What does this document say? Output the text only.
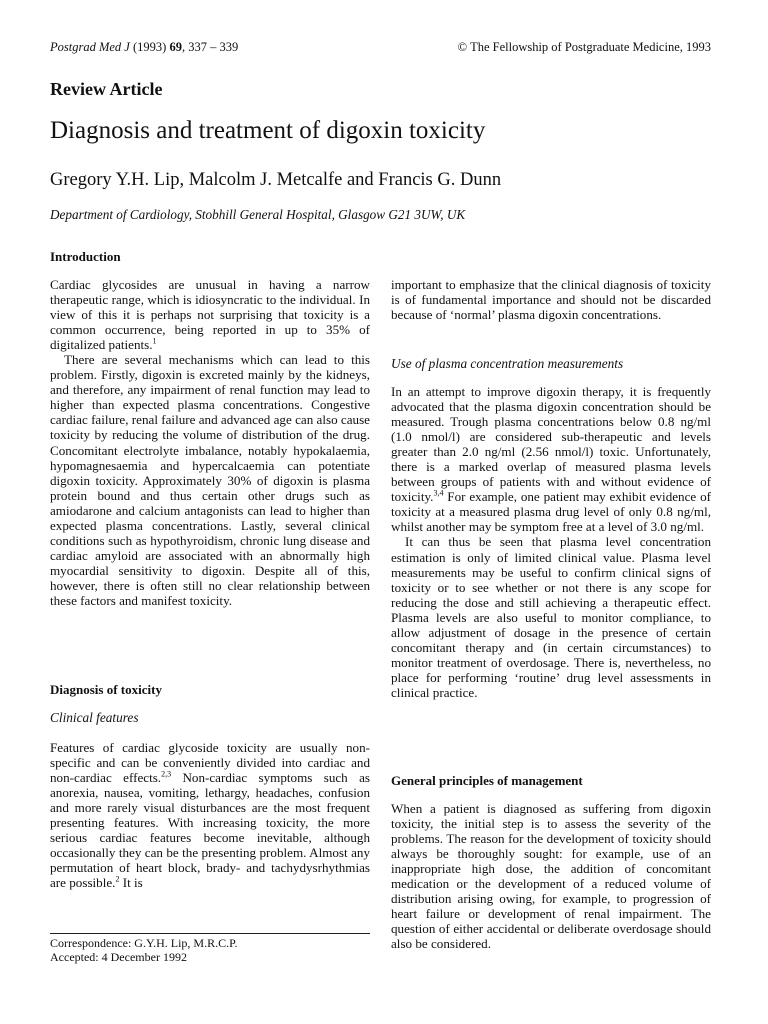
Postgrad Med J (1993) 69, 337 – 339	© The Fellowship of Postgraduate Medicine, 1993
Review Article
Diagnosis and treatment of digoxin toxicity
Gregory Y.H. Lip, Malcolm J. Metcalfe and Francis G. Dunn
Department of Cardiology, Stobhill General Hospital, Glasgow G21 3UW, UK
Introduction

Cardiac glycosides are unusual in having a narrow therapeutic range, which is idiosyncratic to the individual. In view of this it is perhaps not surprising that toxicity is a common occurrence, being reported in up to 35% of digitalized patients.$^1$

There are several mechanisms which can lead to this problem. Firstly, digoxin is excreted mainly by the kidneys, and therefore, any impairment of renal function may lead to higher than expected plasma concentrations. Congestive cardiac failure, renal failure and advanced age can also cause toxicity by reducing the volume of distribution of the drug. Concomitant electrolyte imbalance, notably hypokalaemia, hypomagnesaemia and hypercalcaemia can potentiate digoxin toxicity. Approximately 30% of digoxin is plasma protein bound and thus certain other drugs such as amiodarone and calcium antagonists can lead to higher than expected plasma concentrations. Lastly, several clinical conditions such as hypothyroidism, chronic lung disease and cardiac amyloid are associated with an abnormally high myocardial sensitivity to digoxin. Despite all of this, however, there is often still no clear relationship between these factors and manifest toxicity.

Diagnosis of toxicity
Clinical features

Features of cardiac glycoside toxicity are usually non-specific and can be conveniently divided into cardiac and non-cardiac effects.$^{2,3}$ Non-cardiac symptoms such as anorexia, nausea, vomiting, lethargy, headaches, confusion and more rarely visual disturbances are the most frequent presenting features. With increasing toxicity, the more serious cardiac features become inevitable, although occasionally they can be the presenting problem. Almost any permutation of heart block, brady- and tachydysrhythmias are possible.$^2$ It is

Correspondence: G.Y.H. Lip, M.R.C.P.
Accepted: 4 December 1992

important to emphasize that the clinical diagnosis of toxicity is of fundamental importance and should not be discarded because of ‘normal’ plasma digoxin concentrations.

Use of plasma concentration measurements

In an attempt to improve digoxin therapy, it is frequently advocated that the plasma digoxin concentration should be measured. Trough plasma concentrations below 0.8 ng/ml (1.0 nmol/l) are considered sub-therapeutic and levels greater than 2.0 ng/ml (2.56 nmol/l) toxic. Unfortunately, there is a marked overlap of measured plasma levels between groups of patients with and without evidence of toxicity.$^{3,4}$ For example, one patient may exhibit evidence of toxicity at a measured plasma drug level of only 0.8 ng/ml, whilst another may be symptom free at a level of 3.0 ng/ml.

It can thus be seen that plasma level concentration estimation is only of limited clinical value. Plasma level measurements may be useful to confirm clinical signs of toxicity or to see whether or not there is any scope for reducing the dose and still achieving a therapeutic effect. Plasma levels are also useful to monitor compliance, to allow adjustment of dosage in the presence of certain concomitant therapy and (in certain circumstances) to monitor treatment of overdosage. There is, nevertheless, no place for performing ‘routine’ drug level assessments in clinical practice.

General principles of management

When a patient is diagnosed as suffering from digoxin toxicity, the initial step is to assess the severity of the problems. The reason for the development of toxicity should always be thoroughly sought: for example, use of an inappropriate high dose, the addition of concomitant medication or the development of a reduced volume of distribution arising owing, for example, to progression of heart failure or development of renal impairment. The question of either accidental or deliberate overdosage should also be considered.
